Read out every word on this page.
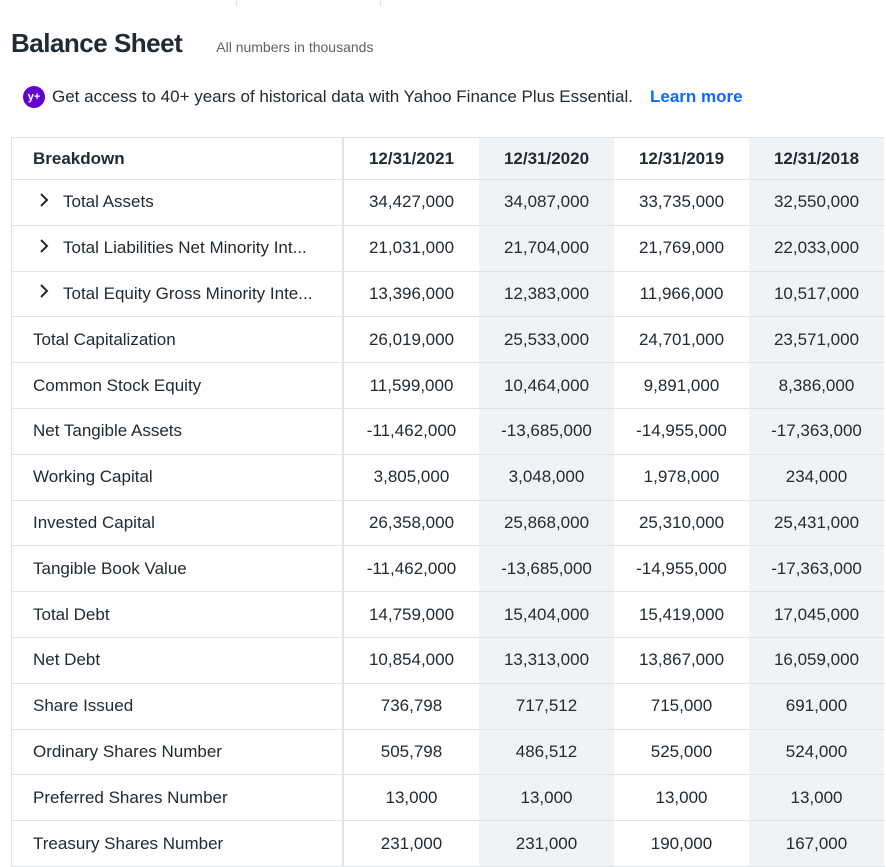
Balance Sheet All numbers in thousands
y+ Get access to 40+ years of historical data with Yahoo Finance Plus Essential. Learn more
Breakdown	12/31/2021	12/31/2020	12/31/2019	12/31/2018
Total Assets	34,427,000	34,087,000	33,735,000	32,550,000
Total Liabilities Net Minority Int...	21,031,000	21,704,000	21,769,000	22,033,000
Total Equity Gross Minority Inte...	13,396,000	12,383,000	11,966,000	10,517,000
Total Capitalization	26,019,000	25,533,000	24,701,000	23,571,000
Common Stock Equity	11,599,000	10,464,000	9,891,000	8,386,000
Net Tangible Assets	-11,462,000	-13,685,000	-14,955,000	-17,363,000
Working Capital	3,805,000	3,048,000	1,978,000	234,000
Invested Capital	26,358,000	25,868,000	25,310,000	25,431,000
Tangible Book Value	-11,462,000	-13,685,000	-14,955,000	-17,363,000
Total Debt	14,759,000	15,404,000	15,419,000	17,045,000
Net Debt	10,854,000	13,313,000	13,867,000	16,059,000
Share Issued	736,798	717,512	715,000	691,000
Ordinary Shares Number	505,798	486,512	525,000	524,000
Preferred Shares Number	13,000	13,000	13,000	13,000
Treasury Shares Number	231,000	231,000	190,000	167,000
